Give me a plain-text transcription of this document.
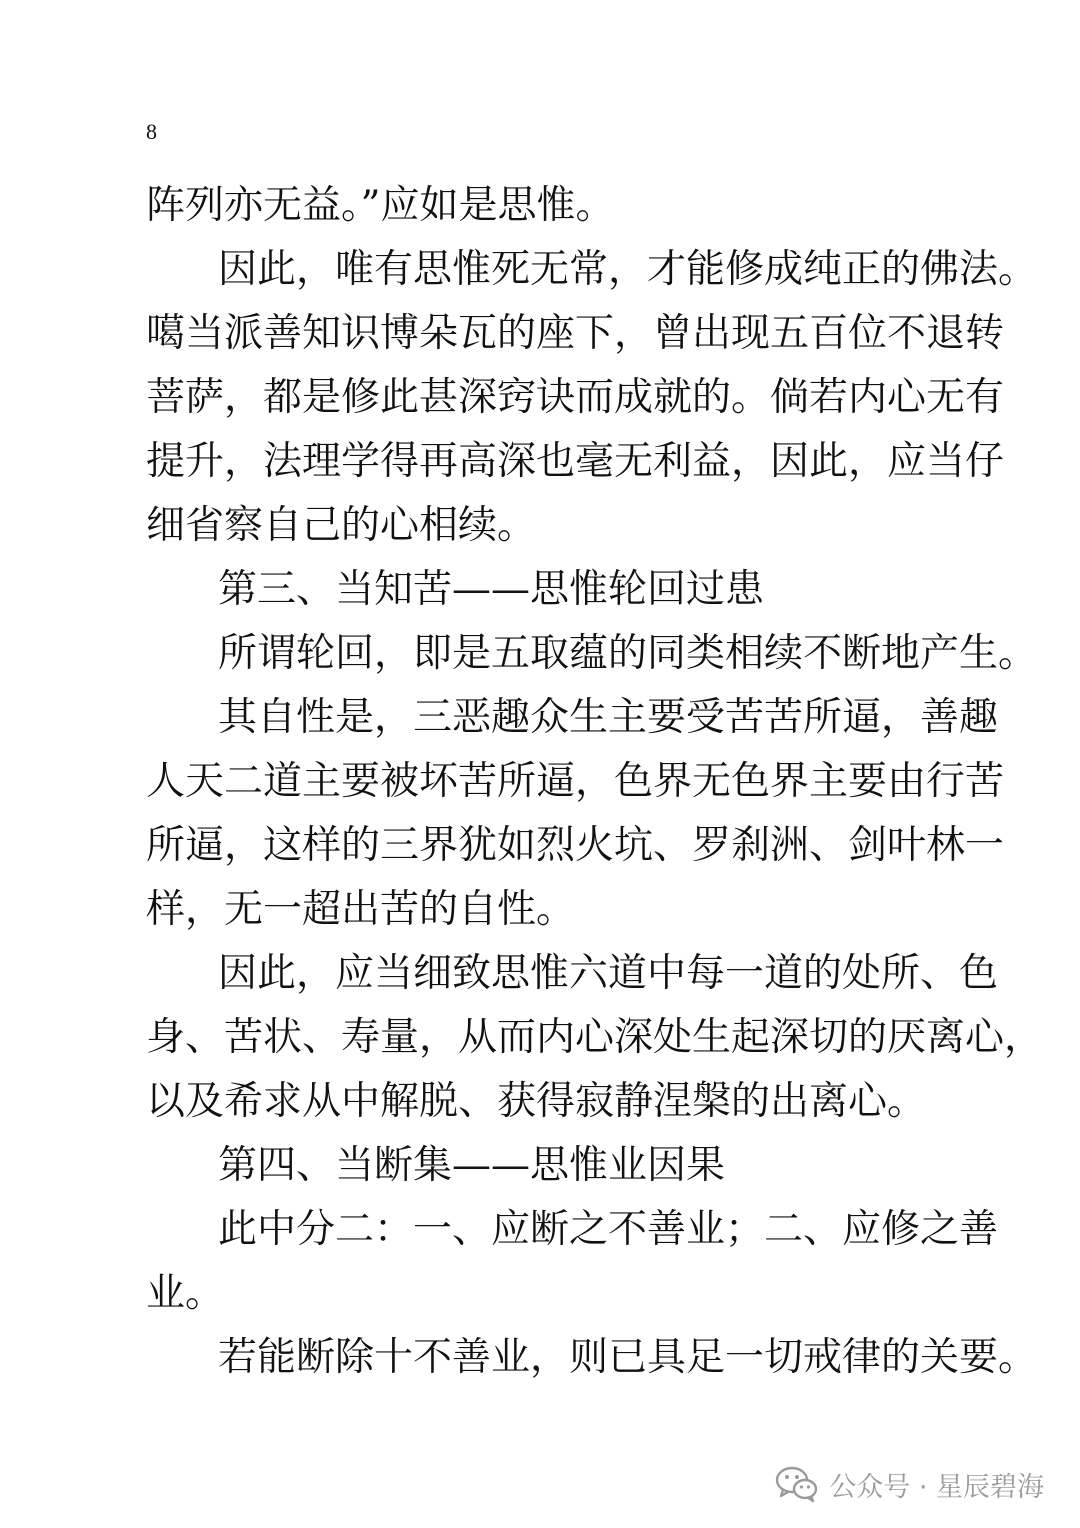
8
阵列亦无益。”应如是思惟。
因此，唯有思惟死无常，才能修成纯正的佛法。
噶当派善知识博朵瓦的座下，曾出现五百位不退转
菩萨，都是修此甚深窍诀而成就的。倘若内心无有
提升，法理学得再高深也毫无利益，因此，应当仔
细省察自己的心相续。
第三、当知苦——思惟轮回过患
所谓轮回，即是五取蕴的同类相续不断地产生。
其自性是，三恶趣众生主要受苦苦所逼，善趣
人天二道主要被坏苦所逼，色界无色界主要由行苦
所逼，这样的三界犹如烈火坑、罗刹洲、剑叶林一
样，无一超出苦的自性。
因此，应当细致思惟六道中每一道的处所、色
身、苦状、寿量，从而内心深处生起深切的厌离心，
以及希求从中解脱、获得寂静涅槃的出离心。
第四、当断集——思惟业因果
此中分二：一、应断之不善业；二、应修之善
业。
若能断除十不善业，则已具足一切戒律的关要。
公众号 · 星辰碧海
